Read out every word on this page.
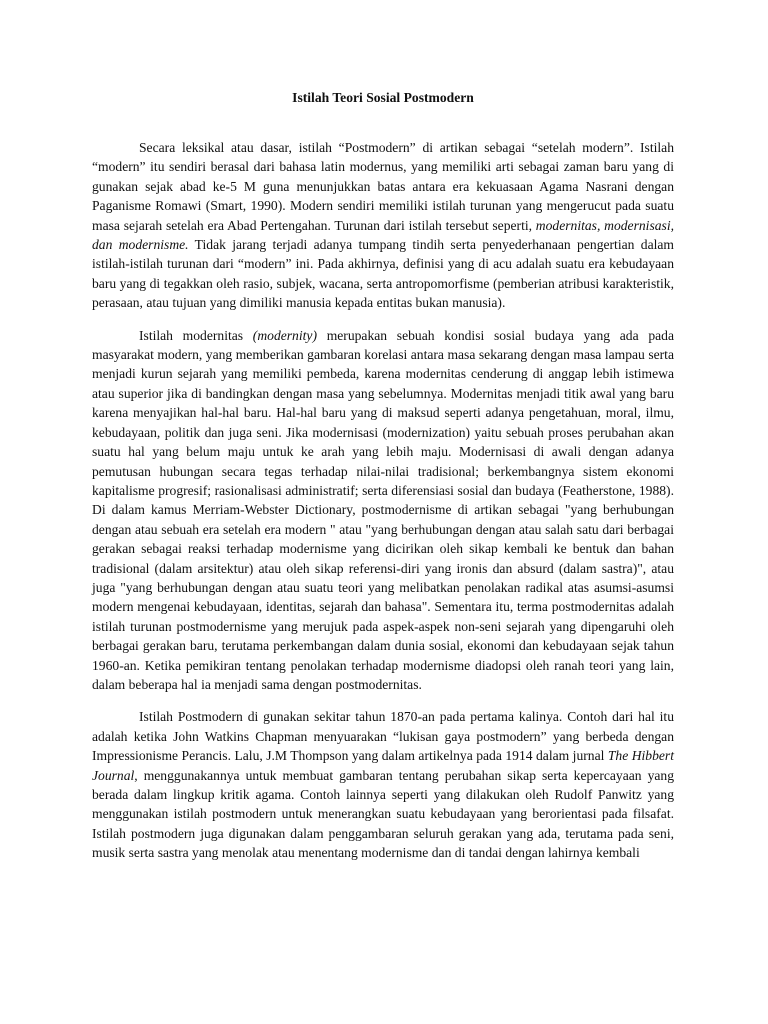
Istilah Teori Sosial Postmodern

Secara leksikal atau dasar, istilah “Postmodern” di artikan sebagai “setelah modern”. Istilah “modern” itu sendiri berasal dari bahasa latin modernus, yang memiliki arti sebagai zaman baru yang di gunakan sejak abad ke-5 M guna menunjukkan batas antara era kekuasaan Agama Nasrani dengan Paganisme Romawi (Smart, 1990). Modern sendiri memiliki istilah turunan yang mengerucut pada suatu masa sejarah setelah era Abad Pertengahan. Turunan dari istilah tersebut seperti, modernitas, modernisasi, dan modernisme. Tidak jarang terjadi adanya tumpang tindih serta penyederhanaan pengertian dalam istilah-istilah turunan dari “modern” ini. Pada akhirnya, definisi yang di acu adalah suatu era kebudayaan baru yang di tegakkan oleh rasio, subjek, wacana, serta antropomorfisme (pemberian atribusi karakteristik, perasaan, atau tujuan yang dimiliki manusia kepada entitas bukan manusia).

Istilah modernitas (modernity) merupakan sebuah kondisi sosial budaya yang ada pada masyarakat modern, yang memberikan gambaran korelasi antara masa sekarang dengan masa lampau serta menjadi kurun sejarah yang memiliki pembeda, karena modernitas cenderung di anggap lebih istimewa atau superior jika di bandingkan dengan masa yang sebelumnya. Modernitas menjadi titik awal yang baru karena menyajikan hal-hal baru. Hal-hal baru yang di maksud seperti adanya pengetahuan, moral, ilmu, kebudayaan, politik dan juga seni. Jika modernisasi (modernization) yaitu sebuah proses perubahan akan suatu hal yang belum maju untuk ke arah yang lebih maju. Modernisasi di awali dengan adanya pemutusan hubungan secara tegas terhadap nilai-nilai tradisional; berkembangnya sistem ekonomi kapitalisme progresif; rasionalisasi administratif; serta diferensiasi sosial dan budaya (Featherstone, 1988). Di dalam kamus Merriam-Webster Dictionary, postmodernisme di artikan sebagai "yang berhubungan dengan atau sebuah era setelah era modern " atau "yang berhubungan dengan atau salah satu dari berbagai gerakan sebagai reaksi terhadap modernisme yang dicirikan oleh sikap kembali ke bentuk dan bahan tradisional (dalam arsitektur) atau oleh sikap referensi-diri yang ironis dan absurd (dalam sastra)", atau juga "yang berhubungan dengan atau suatu teori yang melibatkan penolakan radikal atas asumsi-asumsi modern mengenai kebudayaan, identitas, sejarah dan bahasa". Sementara itu, terma postmodernitas adalah istilah turunan postmodernisme yang merujuk pada aspek-aspek non-seni sejarah yang dipengaruhi oleh berbagai gerakan baru, terutama perkembangan dalam dunia sosial, ekonomi dan kebudayaan sejak tahun 1960-an. Ketika pemikiran tentang penolakan terhadap modernisme diadopsi oleh ranah teori yang lain, dalam beberapa hal ia menjadi sama dengan postmodernitas.

Istilah Postmodern di gunakan sekitar tahun 1870-an pada pertama kalinya. Contoh dari hal itu adalah ketika John Watkins Chapman menyuarakan “lukisan gaya postmodern” yang berbeda dengan Impressionisme Perancis. Lalu, J.M Thompson yang dalam artikelnya pada 1914 dalam jurnal The Hibbert Journal, menggunakannya untuk membuat gambaran tentang perubahan sikap serta kepercayaan yang berada dalam lingkup kritik agama. Contoh lainnya seperti yang dilakukan oleh Rudolf Panwitz yang menggunakan istilah postmodern untuk menerangkan suatu kebudayaan yang berorientasi pada filsafat. Istilah postmodern juga digunakan dalam penggambaran seluruh gerakan yang ada, terutama pada seni, musik serta sastra yang menolak atau menentang modernisme dan di tandai dengan lahirnya kembali
